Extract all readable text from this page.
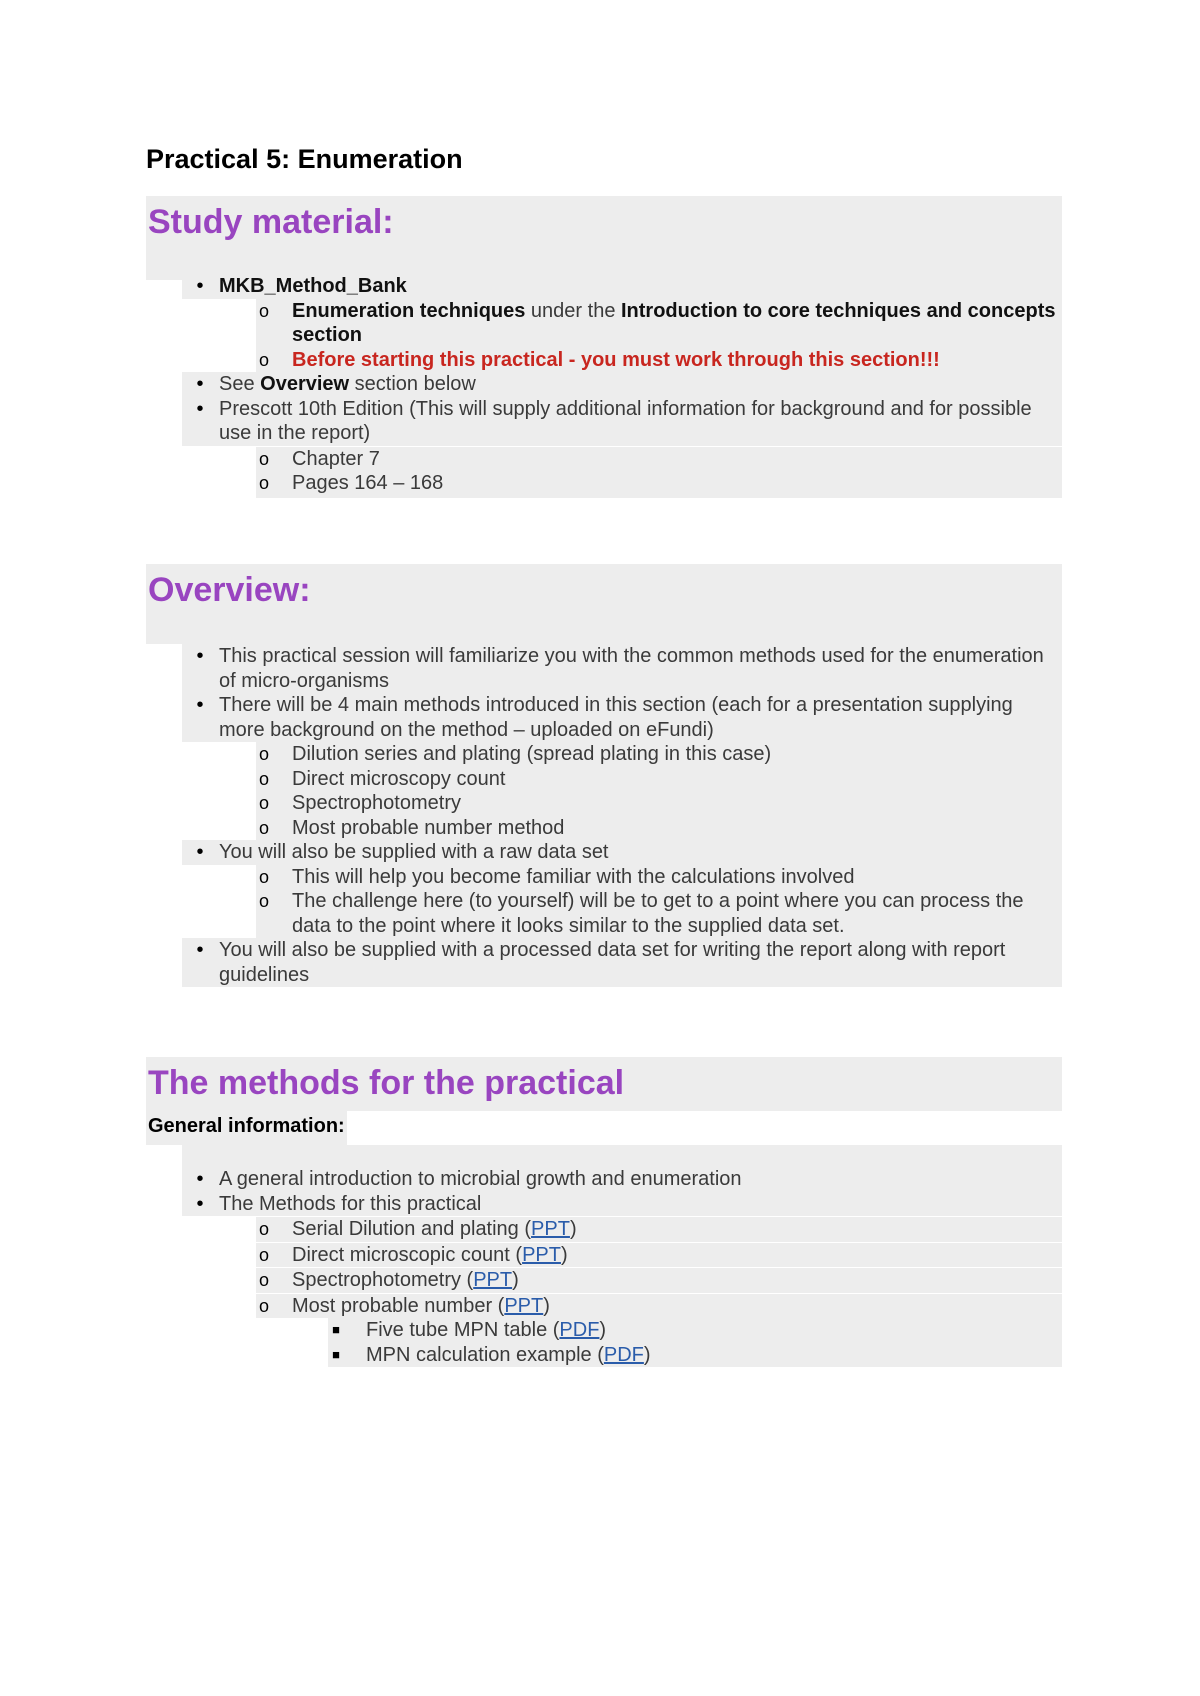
Practical 5: Enumeration
Study material:
• MKB_Method_Bank
o Enumeration techniques under the Introduction to core techniques and concepts section
o Before starting this practical - you must work through this section!!!
• See Overview section below
• Prescott 10th Edition (This will supply additional information for background and for possible use in the report)
o Chapter 7
o Pages 164 – 168
Overview:
• This practical session will familiarize you with the common methods used for the enumeration of micro-organisms
• There will be 4 main methods introduced in this section (each for a presentation supplying more background on the method – uploaded on eFundi)
o Dilution series and plating (spread plating in this case)
o Direct microscopy count
o Spectrophotometry
o Most probable number method
• You will also be supplied with a raw data set
o This will help you become familiar with the calculations involved
o The challenge here (to yourself) will be to get to a point where you can process the data to the point where it looks similar to the supplied data set.
• You will also be supplied with a processed data set for writing the report along with report guidelines
The methods for the practical
General information:
• A general introduction to microbial growth and enumeration
• The Methods for this practical
o Serial Dilution and plating (PPT)
o Direct microscopic count (PPT)
o Spectrophotometry (PPT)
o Most probable number (PPT)
■ Five tube MPN table (PDF)
■ MPN calculation example (PDF)
